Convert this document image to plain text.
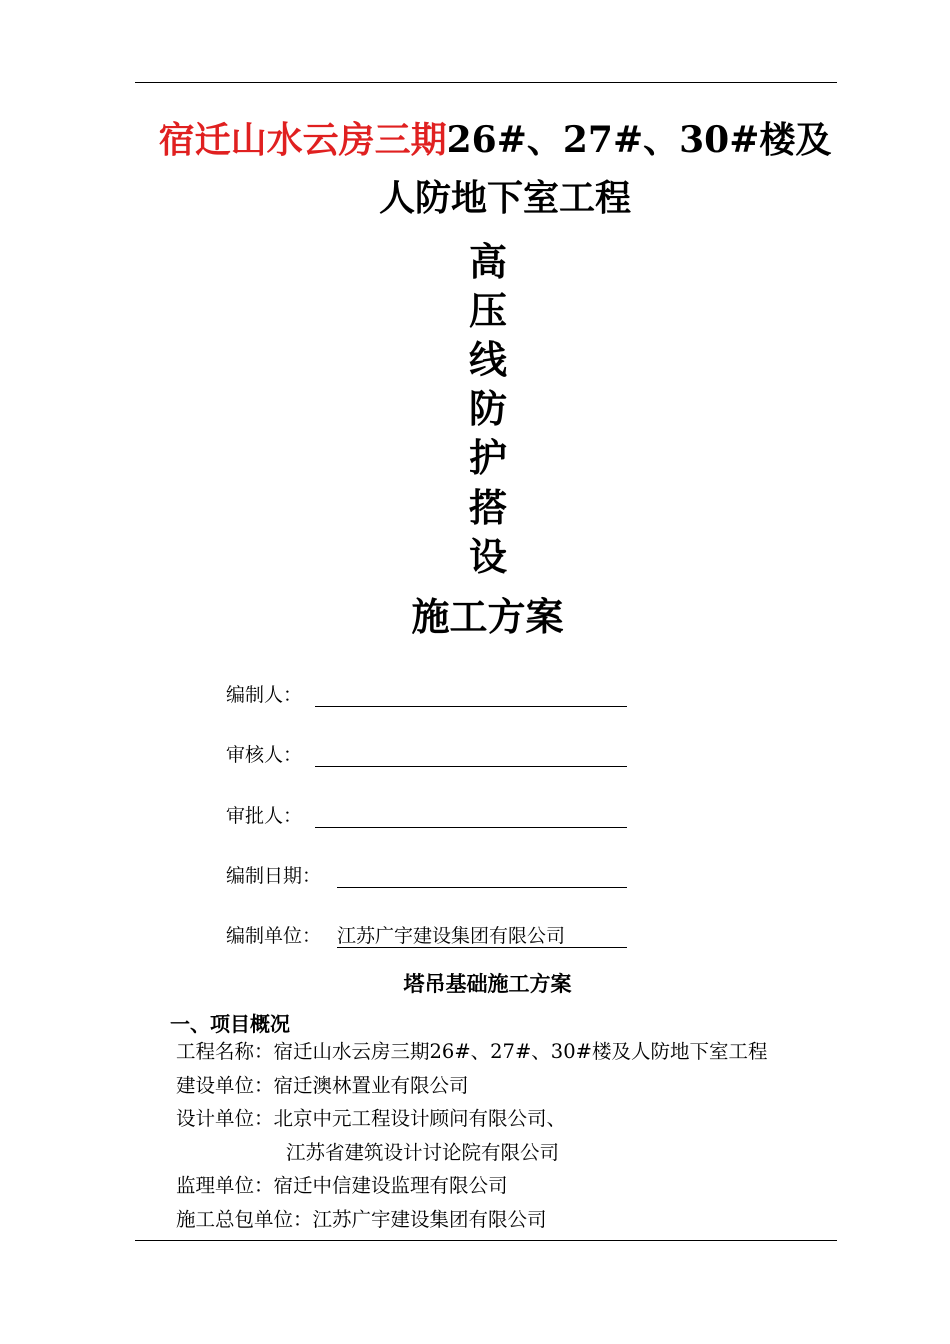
宿迁山水云房三期26#、27#、30#楼及
人防地下室工程
高
压
线
防
护
搭
设
施工方案
编制人：
审核人：
审批人：
编制日期：
编制单位： 江苏广宇建设集团有限公司
塔吊基础施工方案
一、项目概况
工程名称：宿迁山水云房三期26#、27#、30#楼及人防地下室工程
建设单位：宿迁澳林置业有限公司
设计单位：北京中元工程设计顾问有限公司、
江苏省建筑设计讨论院有限公司
监理单位：宿迁中信建设监理有限公司
施工总包单位：江苏广宇建设集团有限公司
